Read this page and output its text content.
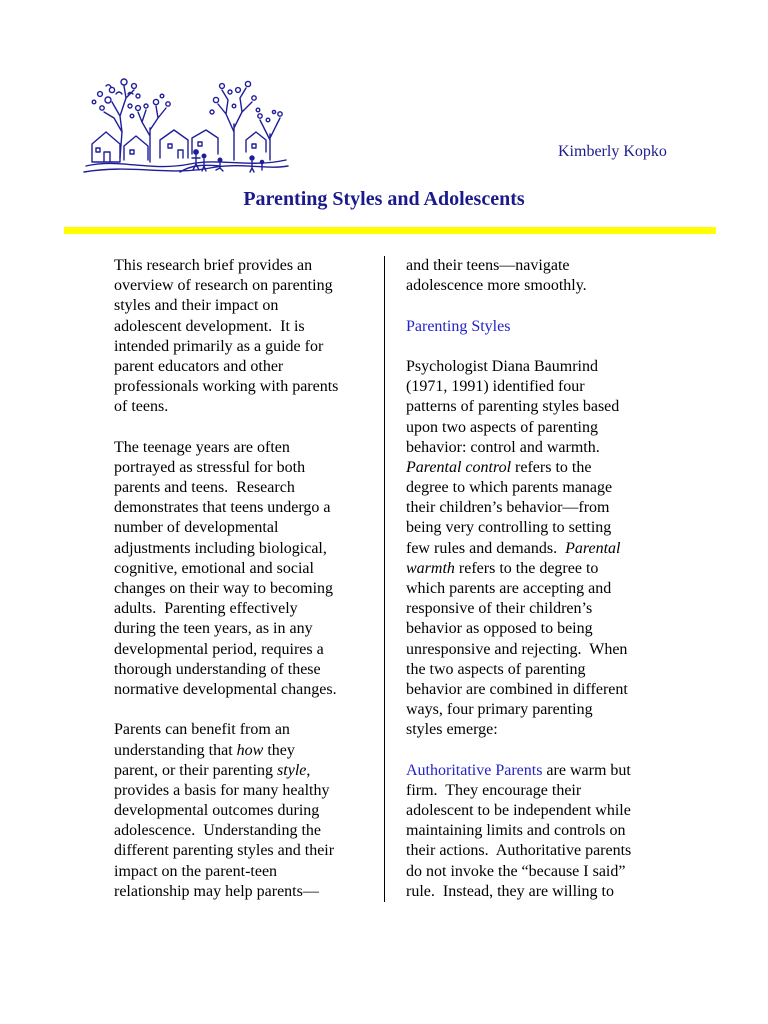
Kimberly Kopko
Parenting Styles and Adolescents
This research brief provides an
overview of research on parenting
styles and their impact on
adolescent development.  It is
intended primarily as a guide for
parent educators and other
professionals working with parents
of teens.
The teenage years are often
portrayed as stressful for both
parents and teens.  Research
demonstrates that teens undergo a
number of developmental
adjustments including biological,
cognitive, emotional and social
changes on their way to becoming
adults.  Parenting effectively
during the teen years, as in any
developmental period, requires a
thorough understanding of these
normative developmental changes.
Parents can benefit from an
understanding that how they
parent, or their parenting style,
provides a basis for many healthy
developmental outcomes during
adolescence.  Understanding the
different parenting styles and their
impact on the parent-teen
relationship may help parents—
and their teens—navigate
adolescence more smoothly.
Parenting Styles
Psychologist Diana Baumrind
(1971, 1991) identified four
patterns of parenting styles based
upon two aspects of parenting
behavior: control and warmth.
Parental control refers to the
degree to which parents manage
their children’s behavior—from
being very controlling to setting
few rules and demands.  Parental
warmth refers to the degree to
which parents are accepting and
responsive of their children’s
behavior as opposed to being
unresponsive and rejecting.  When
the two aspects of parenting
behavior are combined in different
ways, four primary parenting
styles emerge:
Authoritative Parents are warm but
firm.  They encourage their
adolescent to be independent while
maintaining limits and controls on
their actions.  Authoritative parents
do not invoke the “because I said”
rule.  Instead, they are willing to
